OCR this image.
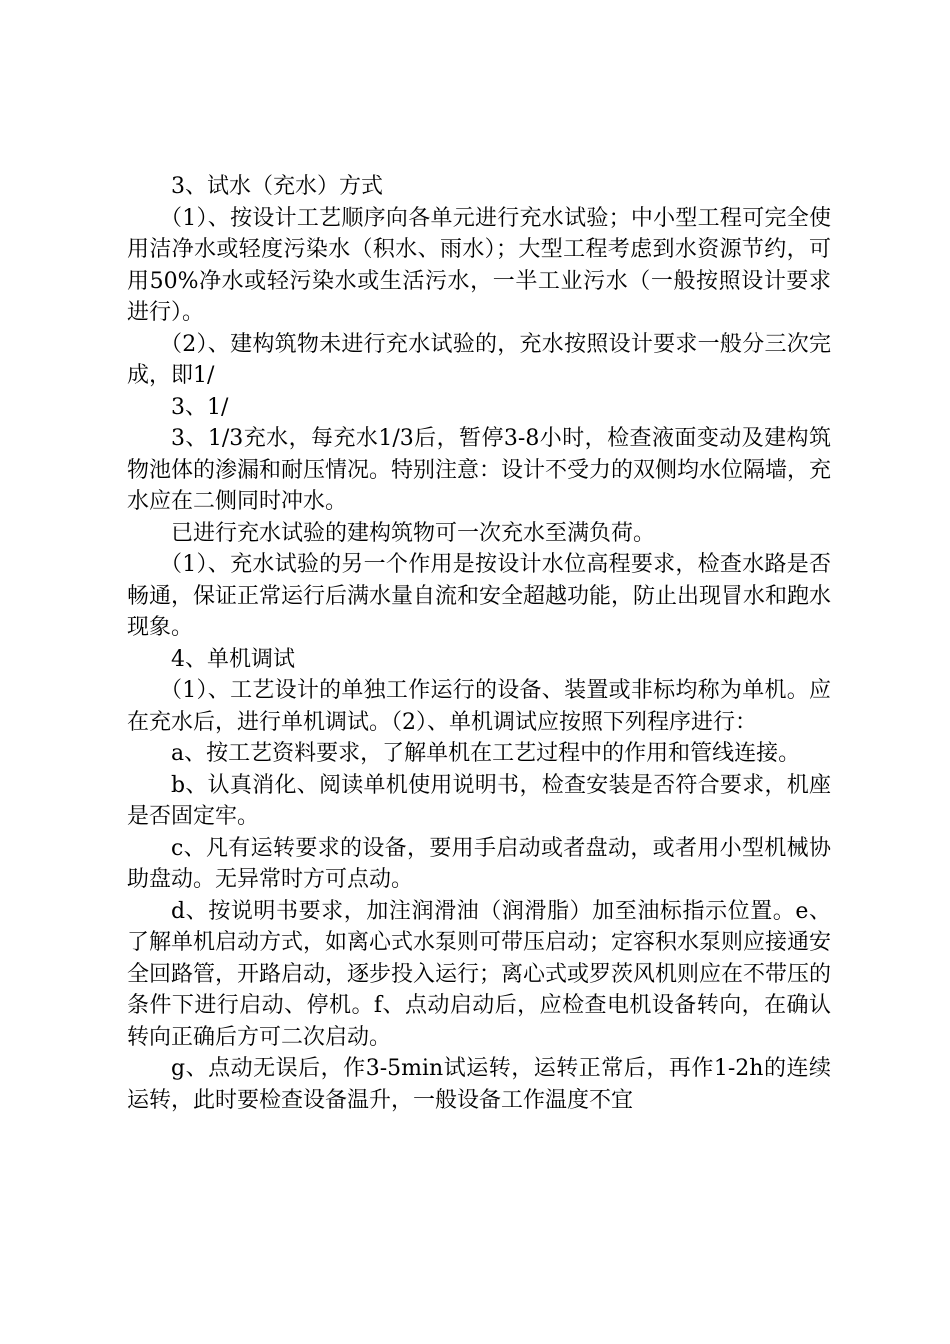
3、试水（充水）方式

（1）、按设计工艺顺序向各单元进行充水试验；中小型工程可完全使用洁净水或轻度污染水（积水、雨水）；大型工程考虑到水资源节约，可用50%净水或轻污染水或生活污水，一半工业污水（一般按照设计要求进行）。

（2）、建构筑物未进行充水试验的，充水按照设计要求一般分三次完成，即1/

3、1/

3、1/3充水，每充水1/3后，暂停3-8小时，检查液面变动及建构筑物池体的渗漏和耐压情况。特别注意：设计不受力的双侧均水位隔墙，充水应在二侧同时冲水。

已进行充水试验的建构筑物可一次充水至满负荷。

（1）、充水试验的另一个作用是按设计水位高程要求，检查水路是否畅通，保证正常运行后满水量自流和安全超越功能，防止出现冒水和跑水现象。

4、单机调试

（1）、工艺设计的单独工作运行的设备、装置或非标均称为单机。应在充水后，进行单机调试。（2）、单机调试应按照下列程序进行：

a、按工艺资料要求，了解单机在工艺过程中的作用和管线连接。

b、认真消化、阅读单机使用说明书，检查安装是否符合要求，机座是否固定牢。

c、凡有运转要求的设备，要用手启动或者盘动，或者用小型机械协助盘动。无异常时方可点动。

d、按说明书要求，加注润滑油（润滑脂）加至油标指示位置。e、了解单机启动方式，如离心式水泵则可带压启动；定容积水泵则应接通安全回路管，开路启动，逐步投入运行；离心式或罗茨风机则应在不带压的条件下进行启动、停机。f、点动启动后，应检查电机设备转向，在确认转向正确后方可二次启动。

g、点动无误后，作3-5min试运转，运转正常后，再作1-2h的连续运转，此时要检查设备温升，一般设备工作温度不宜
